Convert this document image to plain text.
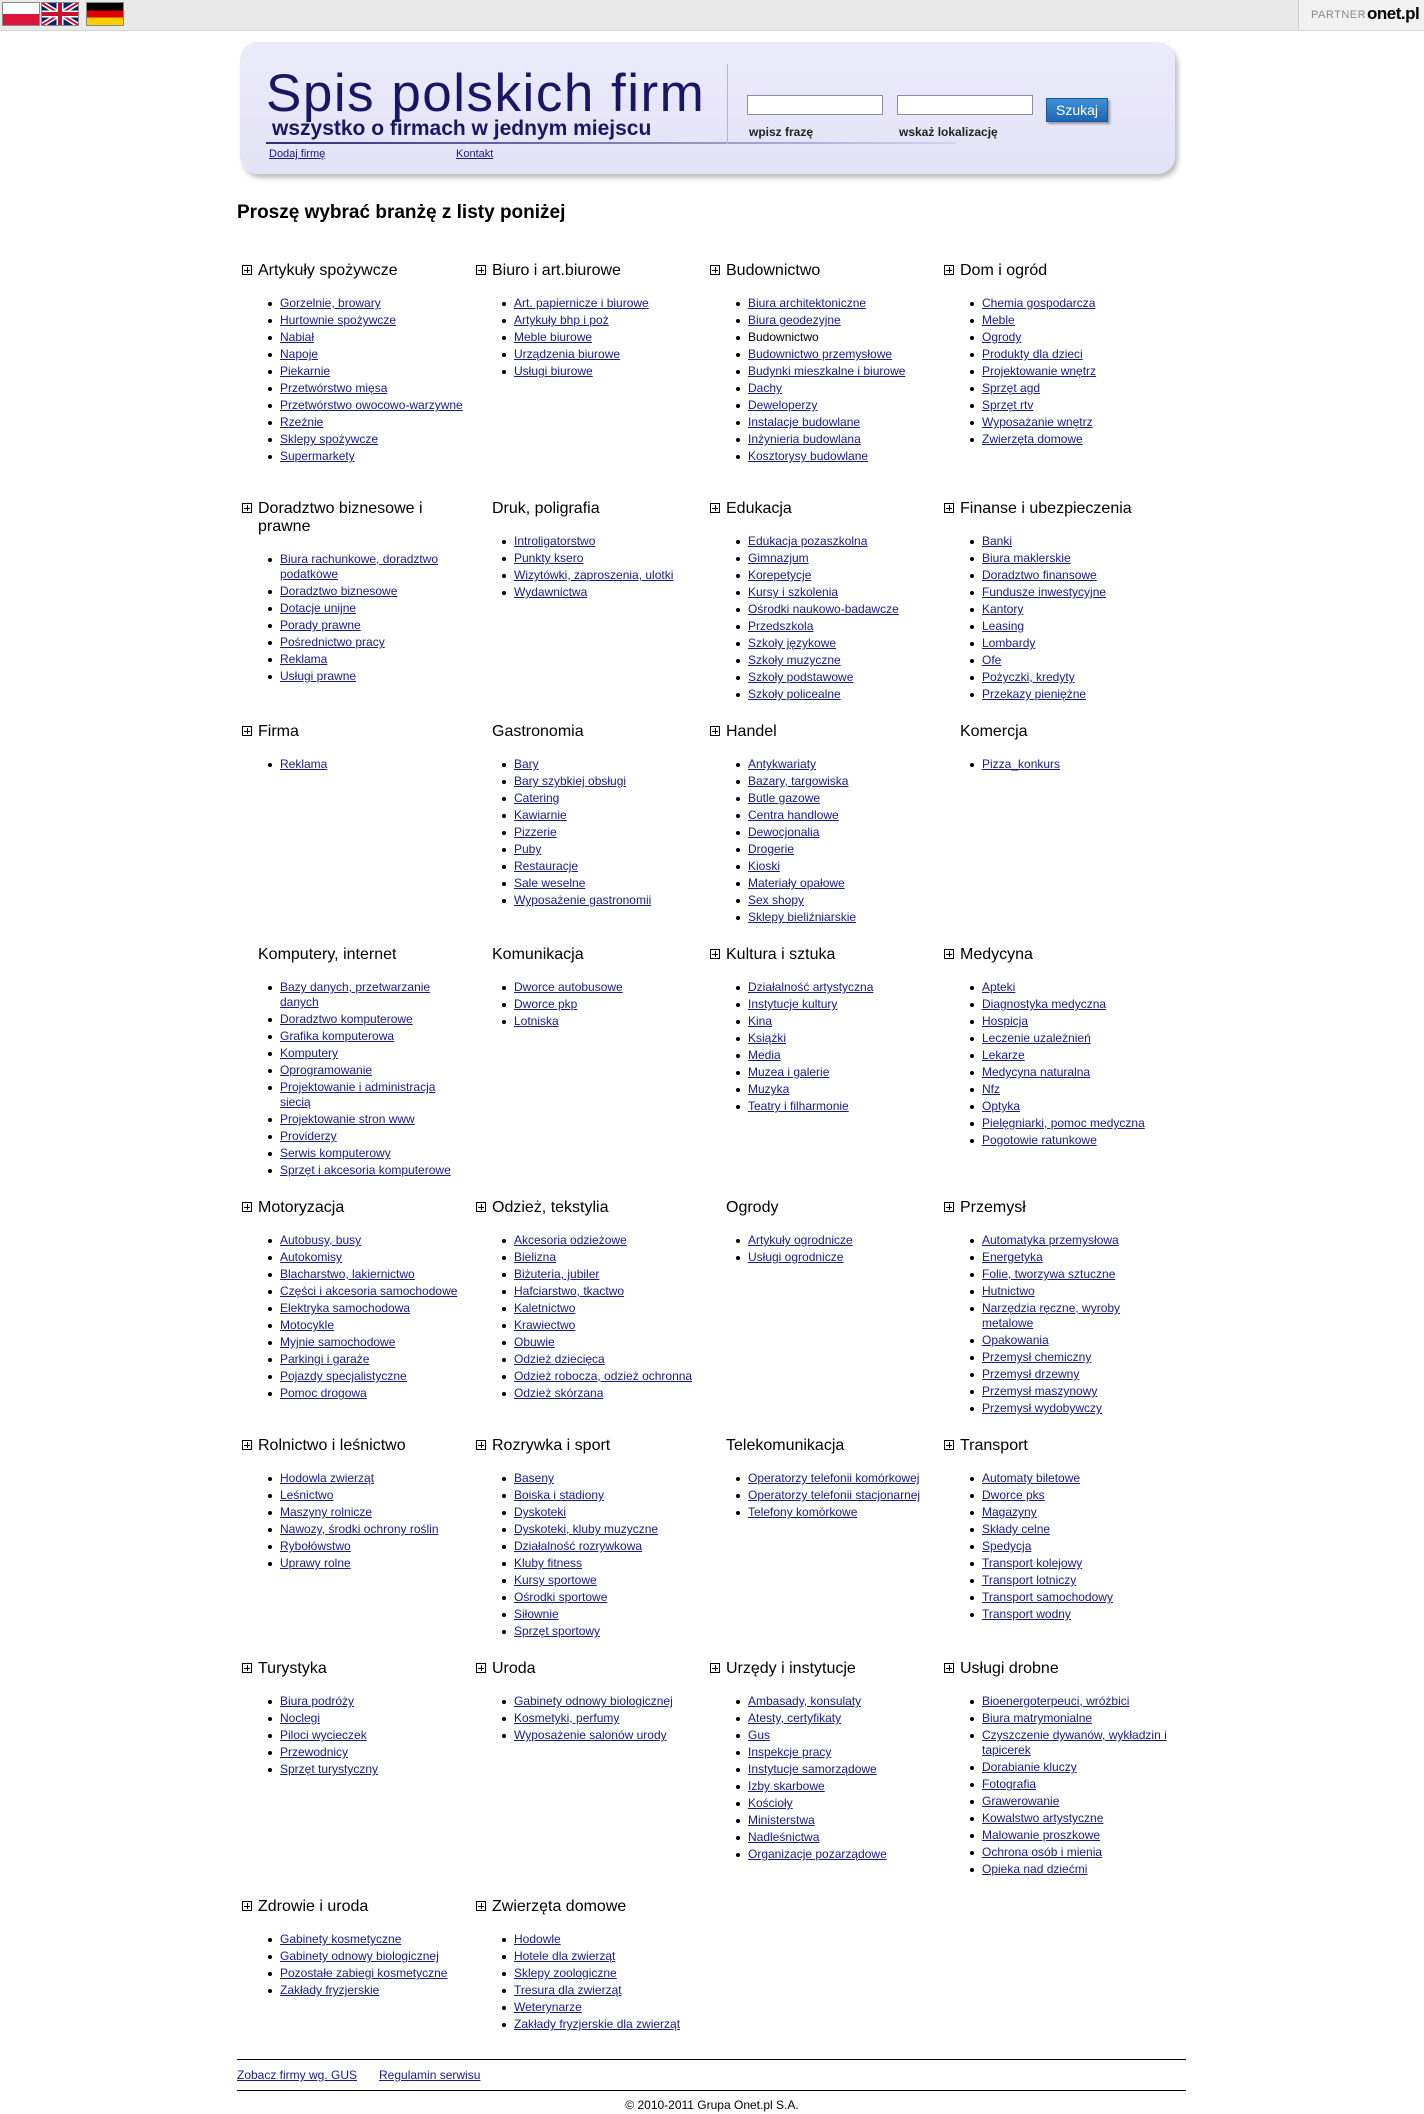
PARTNER onet.pl
Spis polskich firm
wszystko o firmach w jednym miejscu	wpisz frazę	wskaż lokalizację
Szukaj
Dodaj firmę	Kontakt
Proszę wybrać branżę z listy poniżej
Artykuły spożywcze
Gorzelnie, browary
Hurtownie spożywcze
Nabiał
Napoje
Piekarnie
Przetwórstwo mięsa
Przetwórstwo owocowo-warzywne
Rzeźnie
Sklepy spożywcze
Supermarkety
Biuro i art.biurowe
Art. papiernicze i biurowe
Artykuły bhp i poż
Meble biurowe
Urządzenia biurowe
Usługi biurowe
Budownictwo
Biura architektoniczne
Biura geodezyjne
Budownictwo
Budownictwo przemysłowe
Budynki mieszkalne i biurowe
Dachy
Deweloperzy
Instalacje budowlane
Inżynieria budowlana
Kosztorysy budowlane
Dom i ogród
Chemia gospodarcza
Meble
Ogrody
Produkty dla dzieci
Projektowanie wnętrz
Sprzęt agd
Sprzęt rtv
Wyposażanie wnętrz
Zwierzęta domowe
Doradztwo biznesowe i prawne
Biura rachunkowe, doradztwo podatkowe
Doradztwo biznesowe
Dotacje unijne
Porady prawne
Pośrednictwo pracy
Reklama
Usługi prawne
Druk, poligrafia
Introligatorstwo
Punkty ksero
Wizytówki, zaproszenia, ulotki
Wydawnictwa
Edukacja
Edukacja pozaszkolna
Gimnazjum
Korepetycje
Kursy i szkolenia
Ośrodki naukowo-badawcze
Przedszkola
Szkoły językowe
Szkoły muzyczne
Szkoły podstawowe
Szkoły policealne
Finanse i ubezpieczenia
Banki
Biura maklerskie
Doradztwo finansowe
Fundusze inwestycyjne
Kantory
Leasing
Lombardy
Ofe
Pożyczki, kredyty
Przekazy pieniężne
Firma
Reklama
Gastronomia
Bary
Bary szybkiej obsługi
Catering
Kawiarnie
Pizzerie
Puby
Restauracje
Sale weselne
Wyposażenie gastronomii
Handel
Antykwariaty
Bazary, targowiska
Butle gazowe
Centra handlowe
Dewocjonalia
Drogerie
Kioski
Materiały opałowe
Sex shopy
Sklepy bieliźniarskie
Komercja
Pizza_konkurs
Komputery, internet
Bazy danych, przetwarzanie danych
Doradztwo komputerowe
Grafika komputerowa
Komputery
Oprogramowanie
Projektowanie i administracja siecią
Projektowanie stron www
Providerzy
Serwis komputerowy
Sprzęt i akcesoria komputerowe
Komunikacja
Dworce autobusowe
Dworce pkp
Lotniska
Kultura i sztuka
Działalność artystyczna
Instytucje kultury
Kina
Książki
Media
Muzea i galerie
Muzyka
Teatry i filharmonie
Medycyna
Apteki
Diagnostyka medyczna
Hospicja
Leczenie uzależnień
Lekarze
Medycyna naturalna
Nfz
Optyka
Pielęgniarki, pomoc medyczna
Pogotowie ratunkowe
Motoryzacja
Autobusy, busy
Autokomisy
Blacharstwo, lakiernictwo
Części i akcesoria samochodowe
Elektryka samochodowa
Motocykle
Myjnie samochodowe
Parkingi i garaże
Pojazdy specjalistyczne
Pomoc drogowa
Odzież, tekstylia
Akcesoria odzieżowe
Bielizna
Biżuteria, jubiler
Hafciarstwo, tkactwo
Kaletnictwo
Krawiectwo
Obuwie
Odzież dziecięca
Odzież robocza, odzież ochronna
Odzież skórzana
Ogrody
Artykuły ogrodnicze
Usługi ogrodnicze
Przemysł
Automatyka przemysłowa
Energetyka
Folie, tworzywa sztuczne
Hutnictwo
Narzędzia ręczne, wyroby metalowe
Opakowania
Przemysł chemiczny
Przemysł drzewny
Przemysł maszynowy
Przemysł wydobywczy
Rolnictwo i leśnictwo
Hodowla zwierząt
Leśnictwo
Maszyny rolnicze
Nawozy, środki ochrony roślin
Rybołówstwo
Uprawy rolne
Rozrywka i sport
Baseny
Boiska i stadiony
Dyskoteki
Dyskoteki, kluby muzyczne
Działalność rozrywkowa
Kluby fitness
Kursy sportowe
Ośrodki sportowe
Siłownie
Sprzęt sportowy
Telekomunikacja
Operatorzy telefonii komórkowej
Operatorzy telefonii stacjonarnej
Telefony komórkowe
Transport
Automaty biletowe
Dworce pks
Magazyny
Składy celne
Spedycja
Transport kolejowy
Transport lotniczy
Transport samochodowy
Transport wodny
Turystyka
Biura podróży
Noclegi
Piloci wycieczek
Przewodnicy
Sprzęt turystyczny
Uroda
Gabinety odnowy biologicznej
Kosmetyki, perfumy
Wyposażenie salonów urody
Urzędy i instytucje
Ambasady, konsulaty
Atesty, certyfikaty
Gus
Inspekcje pracy
Instytucje samorządowe
Izby skarbowe
Kościoły
Ministerstwa
Nadleśnictwa
Organizacje pozarządowe
Usługi drobne
Bioenergoterpeuci, wróżbici
Biura matrymonialne
Czyszczenie dywanów, wykładzin i tapicerek
Dorabianie kluczy
Fotografia
Grawerowanie
Kowalstwo artystyczne
Malowanie proszkowe
Ochrona osób i mienia
Opieka nad dziećmi
Zdrowie i uroda
Gabinety kosmetyczne
Gabinety odnowy biologicznej
Pozostałe zabiegi kosmetyczne
Zakłady fryzjerskie
Zwierzęta domowe
Hodowle
Hotele dla zwierząt
Sklepy zoologiczne
Tresura dla zwierząt
Weterynarze
Zakłady fryzjerskie dla zwierząt
Zobacz firmy wg. GUS Regulamin serwisu
© 2010-2011 Grupa Onet.pl S.A.
